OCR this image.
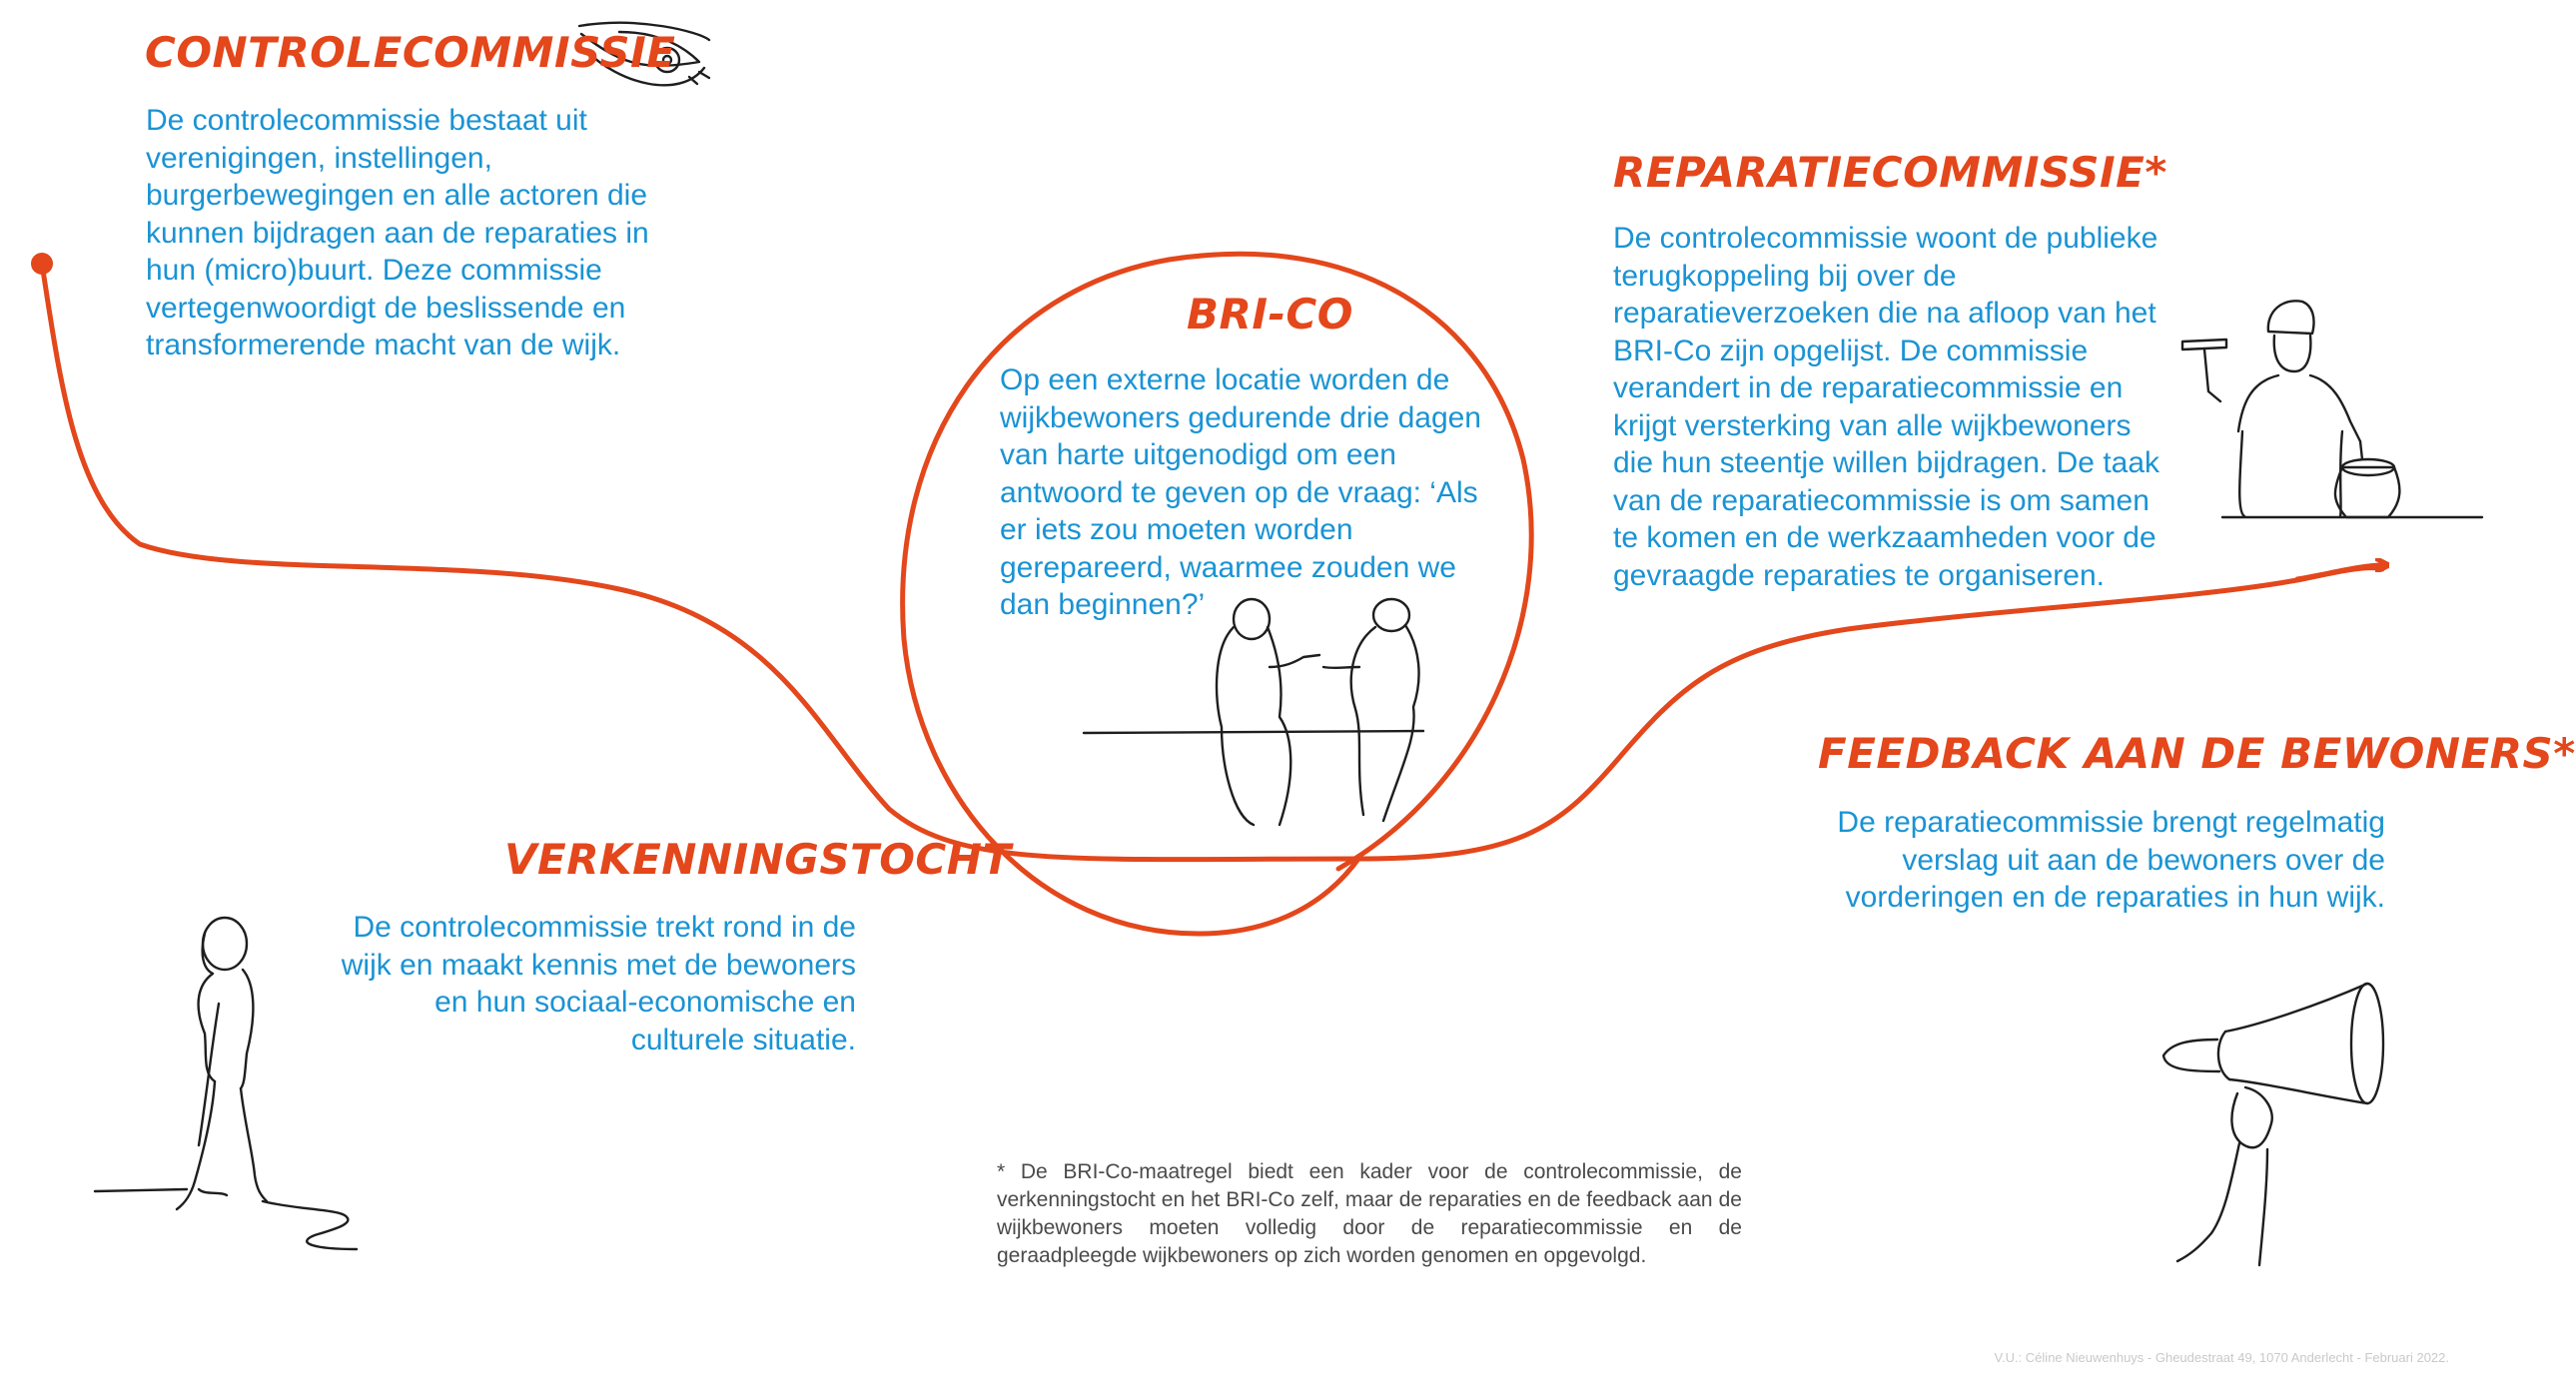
CONTROLECOMMISSIE

De controlecommissie bestaat uit verenigingen, instellingen, burgerbewegingen en alle actoren die kunnen bijdragen aan de reparaties in hun (micro)buurt. Deze commissie vertegenwoordigt de beslissende en transformerende macht van de wijk.

VERKENNINGSTOCHT

De controlecommissie trekt rond in de wijk en maakt kennis met de bewoners en hun sociaal-economische en culturele situatie.

BRI-CO

Op een externe locatie worden de wijkbewoners gedurende drie dagen van harte uitgenodigd om een antwoord te geven op de vraag: ‘Als er iets zou moeten worden gerepareerd, waarmee zouden we dan beginnen?’

REPARATIECOMMISSIE*

De controlecommissie woont de publieke terugkoppeling bij over de reparatieverzoeken die na afloop van het BRI-Co zijn opgelijst. De commissie verandert in de reparatiecommissie en krijgt versterking van alle wijkbewoners die hun steentje willen bijdragen. De taak van de reparatiecommissie is om samen te komen en de werkzaamheden voor de gevraagde reparaties te organiseren.

FEEDBACK AAN DE BEWONERS*

De reparatiecommissie brengt regelmatig verslag uit aan de bewoners over de vorderingen en de reparaties in hun wijk.

* De BRI-Co-maatregel biedt een kader voor de controlecommissie, de verkenningstocht en het BRI-Co zelf, maar de reparaties en de feedback aan de wijkbewoners moeten volledig door de reparatiecommissie en de geraadpleegde wijkbewoners op zich worden genomen en opgevolgd.

V.U.: Céline Nieuwenhuys - Gheudestraat 49, 1070 Anderlecht - Februari 2022.
